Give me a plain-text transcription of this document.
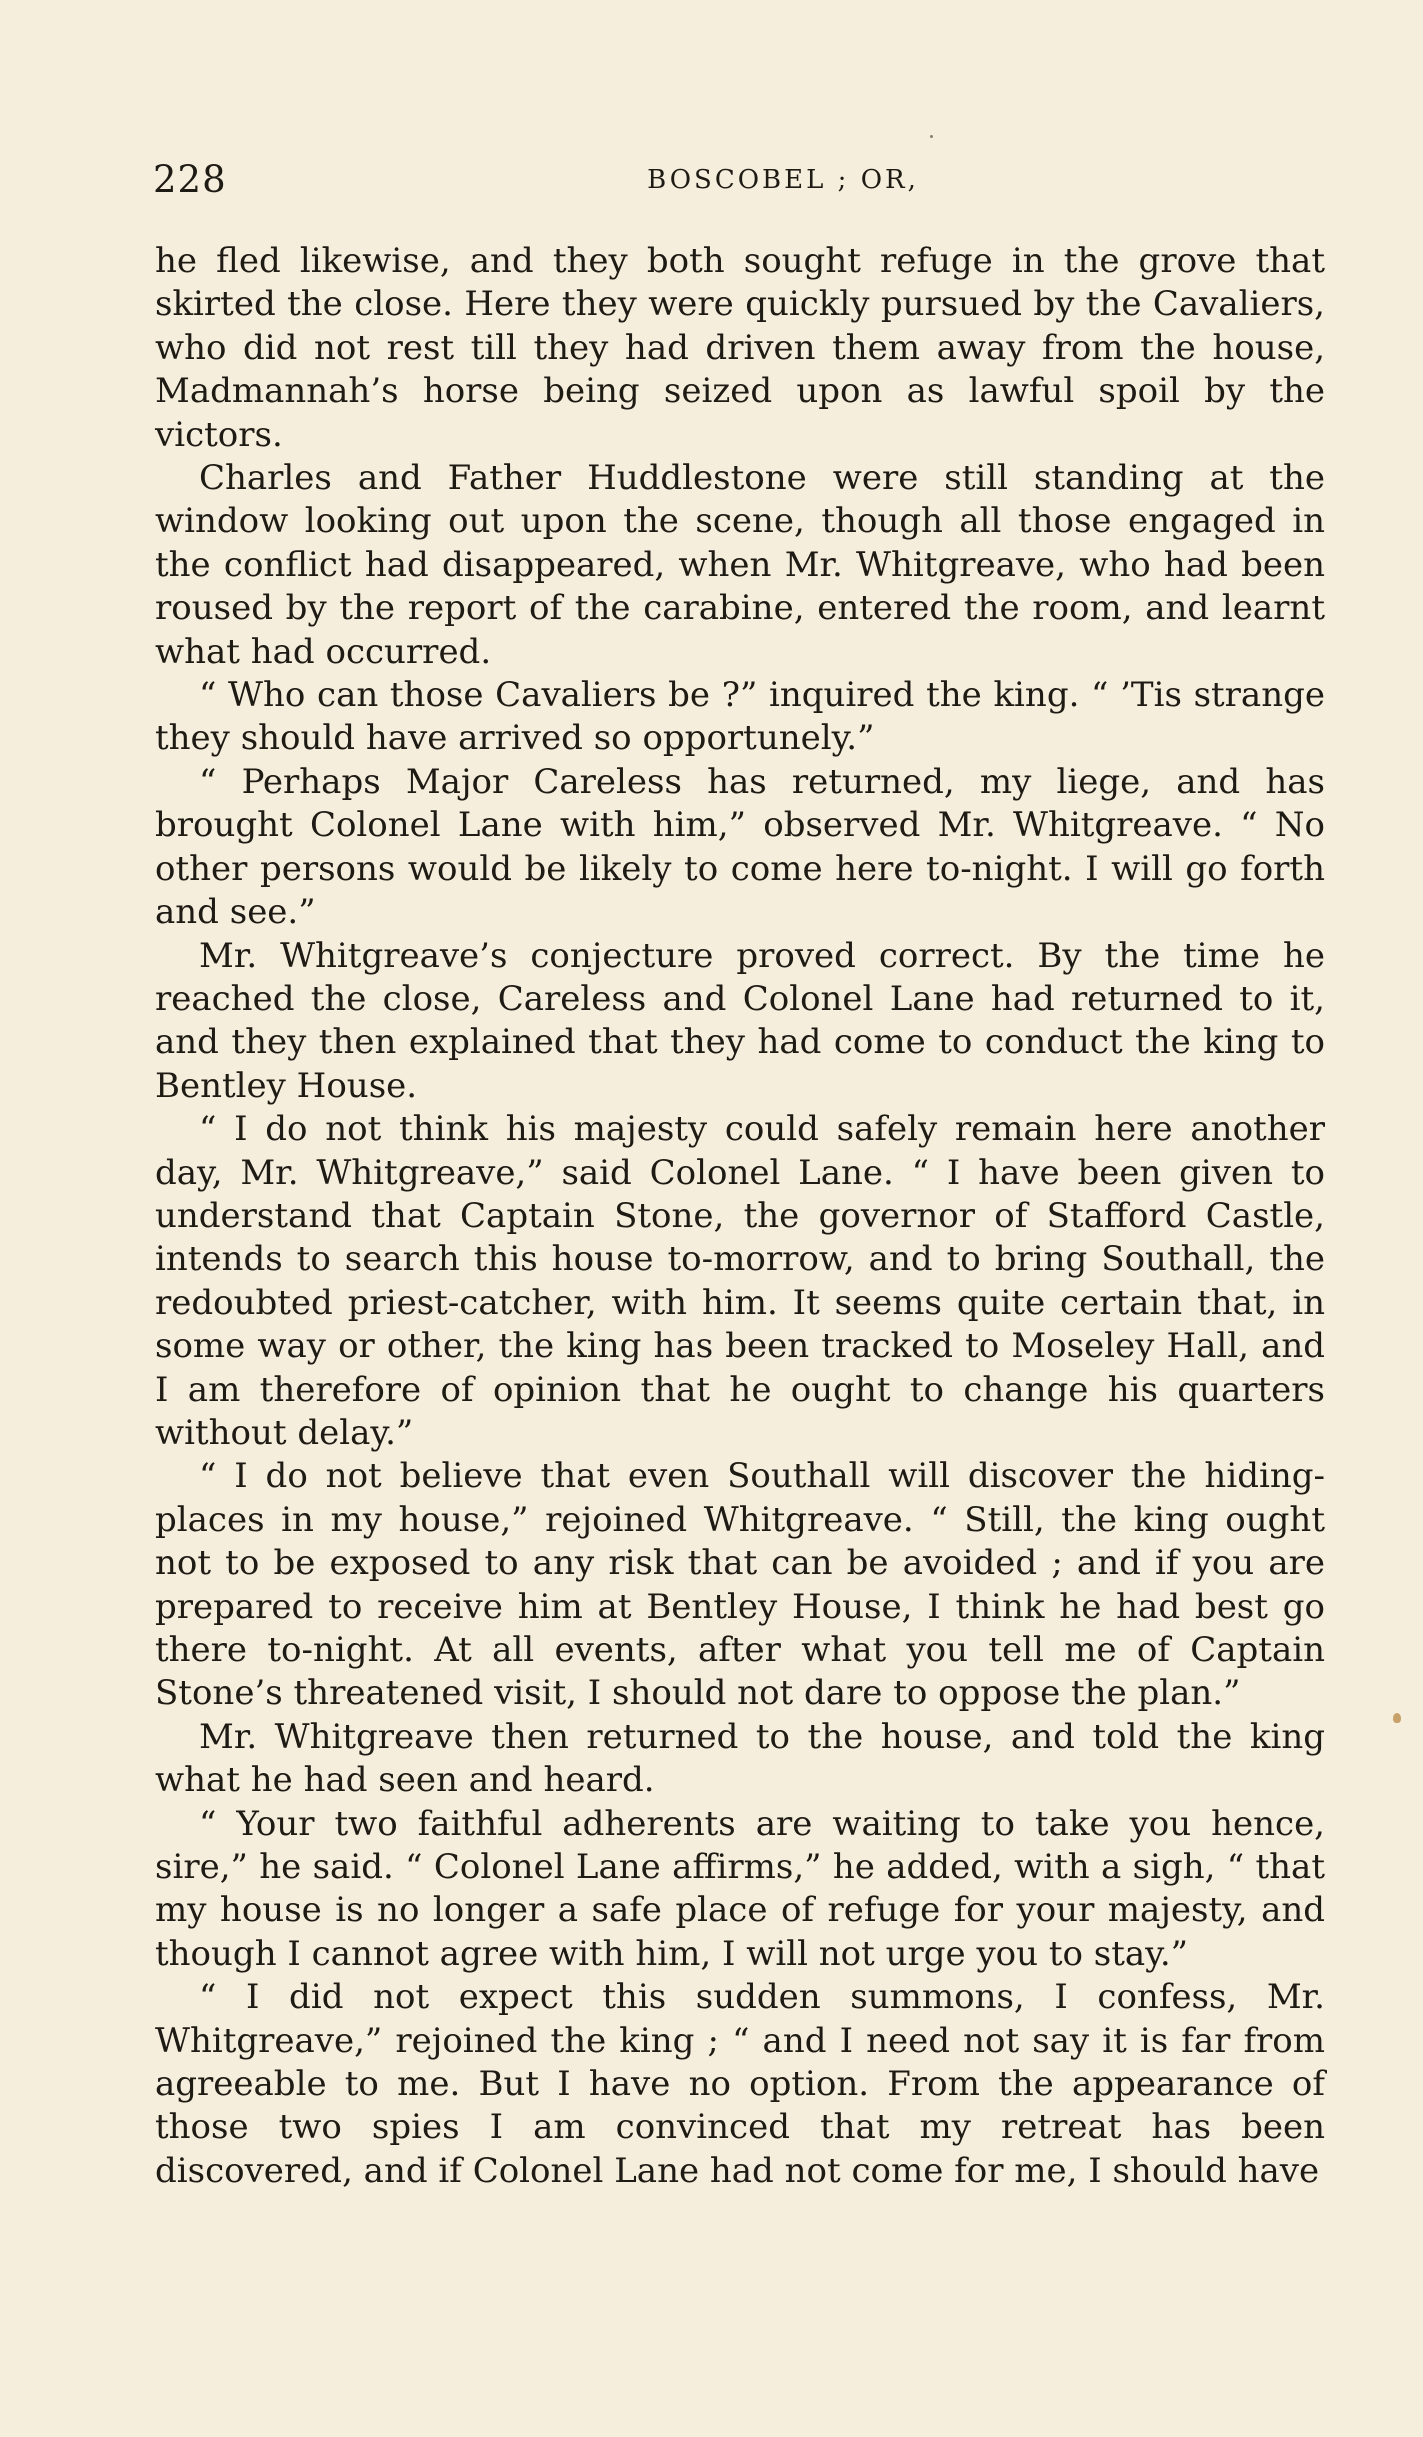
228	BOSCOBEL ; OR,

he fled likewise, and they both sought refuge in the grove that skirted the close. Here they were quickly pursued by the Cavaliers, who did not rest till they had driven them away from the house, Madmannah’s horse being seized upon as lawful spoil by the victors.

Charles and Father Huddlestone were still standing at the window looking out upon the scene, though all those engaged in the conflict had disappeared, when Mr. Whitgreave, who had been roused by the report of the carabine, entered the room, and learnt what had occurred.

“ Who can those Cavaliers be ?” inquired the king. “ ’Tis strange they should have arrived so opportunely.”

“ Perhaps Major Careless has returned, my liege, and has brought Colonel Lane with him,” observed Mr. Whitgreave. “ No other persons would be likely to come here to-night. I will go forth and see.”

Mr. Whitgreave’s conjecture proved correct. By the time he reached the close, Careless and Colonel Lane had returned to it, and they then explained that they had come to conduct the king to Bentley House.

“ I do not think his majesty could safely remain here another day, Mr. Whitgreave,” said Colonel Lane. “ I have been given to understand that Captain Stone, the governor of Stafford Castle, intends to search this house to-morrow, and to bring Southall, the redoubted priest-catcher, with him. It seems quite certain that, in some way or other, the king has been tracked to Moseley Hall, and I am therefore of opinion that he ought to change his quarters without delay.”

“ I do not believe that even Southall will discover the hiding-places in my house,” rejoined Whitgreave. “ Still, the king ought not to be exposed to any risk that can be avoided ; and if you are prepared to receive him at Bentley House, I think he had best go there to-night. At all events, after what you tell me of Captain Stone’s threatened visit, I should not dare to oppose the plan.”

Mr. Whitgreave then returned to the house, and told the king what he had seen and heard.

“ Your two faithful adherents are waiting to take you hence, sire,” he said. “ Colonel Lane affirms,” he added, with a sigh, “ that my house is no longer a safe place of refuge for your majesty, and though I cannot agree with him, I will not urge you to stay.”

“ I did not expect this sudden summons, I confess, Mr. Whitgreave,” rejoined the king ; “ and I need not say it is far from agreeable to me. But I have no option. From the appearance of those two spies I am convinced that my retreat has been discovered, and if Colonel Lane had not come for me, I should have
